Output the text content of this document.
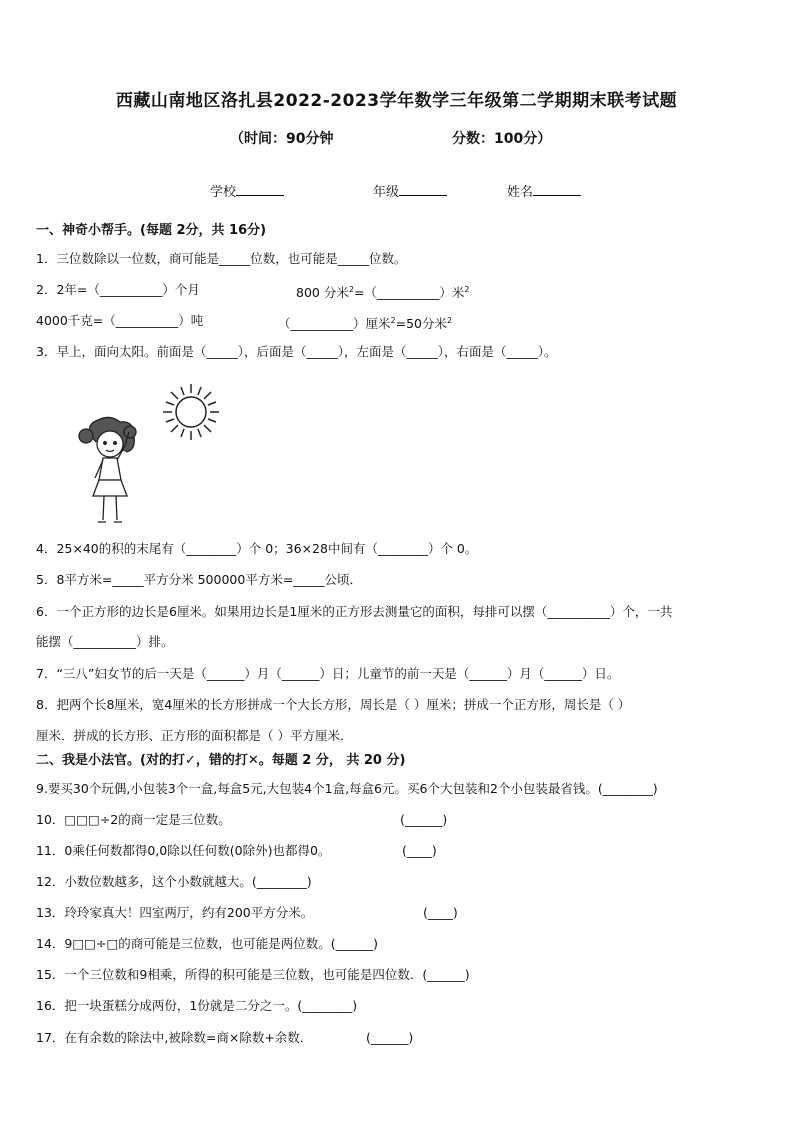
西藏山南地区洛扎县2022-2023学年数学三年级第二学期期末联考试题
（时间：90分钟	分数：100分）
学校	年级	姓名
一、神奇小帮手。(每题 2分，共 16分)
1．三位数除以一位数，商可能是_____位数，也可能是_____位数。
2．2年=（__________）个月	800 分米$^2$=（__________）米$^2$
4000千克=（__________）吨	（__________）厘米$^2$=50分米$^2$
3．早上，面向太阳。前面是（_____），后面是（_____），左面是（_____），右面是（_____）。
4．25×40的积的末尾有（________）个 0；36×28中间有（________）个 0。
5．8平方米=_____平方分米 500000平方米=_____公顷．
6．一个正方形的边长是6厘米。如果用边长是1厘米的正方形去测量它的面积，每排可以摆（__________）个，一共
能摆（__________）排。
7．“三八”妇女节的后一天是（______）月（______）日；儿童节的前一天是（______）月（______）日。
8．把两个长8厘米，宽4厘米的长方形拼成一个大长方形，周长是（ ）厘米；拼成一个正方形，周长是（ ）
厘米．拼成的长方形、正方形的面积都是（ ）平方厘米．
二、我是小法官。(对的打✓，错的打✕。每题 2 分， 共 20 分)
9.要买30个玩偶,小包装3个一盒,每盒5元,大包装4个1盒,每盒6元。买6个大包装和2个小包装最省钱。(________)
10．□□□÷2的商一定是三位数。	(______)
11．0乘任何数都得0,0除以任何数(0除外)也都得0。	(____)
12．小数位数越多，这个小数就越大。(________)
13．玲玲家真大！四室两厅，约有200平方分米。	(____)
14．9□□÷□的商可能是三位数，也可能是两位数。(______)
15．一个三位数和9相乘，所得的积可能是三位数，也可能是四位数．(______)
16．把一块蛋糕分成两份，1份就是二分之一。(________)
17．在有余数的除法中,被除数=商×除数+余数．	(______)
